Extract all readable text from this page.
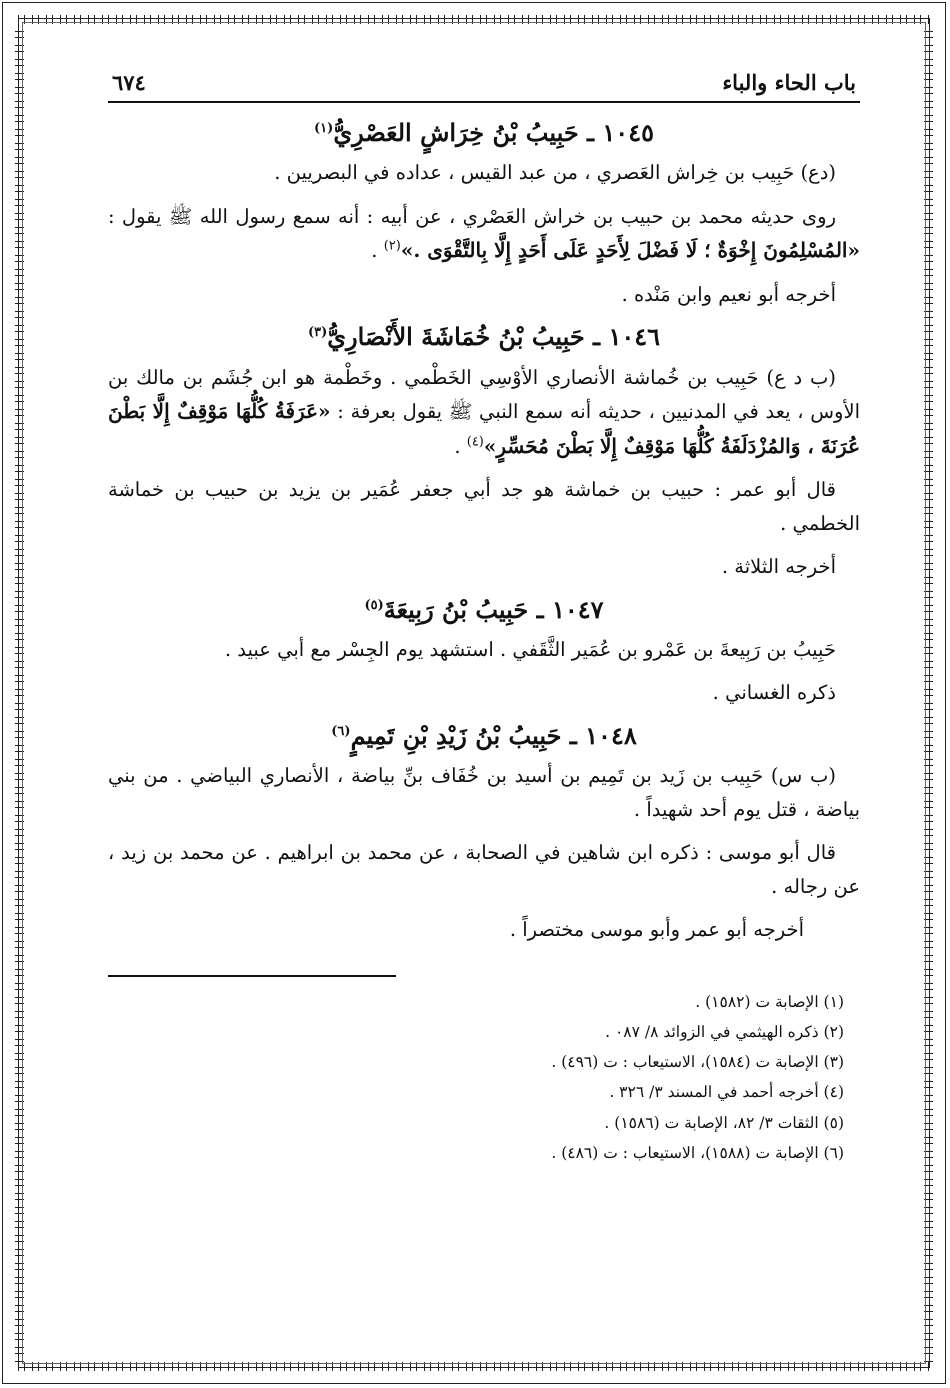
باب الحاء والباء
٦٧٤
١٠٤٥ ـ حَبِيبُ بْنُ خِرَاشٍ العَصْرِيُّ$^{(١)}$

(دع) حَبِيب بن خِراش العَصري ، من عبد القيس ، عداده في البصريين .

روى حديثه محمد بن حبيب بن خراش العَصْري ، عن أبيه : أنه سمع رسول الله ﷺ يقول : «المُسْلِمُونَ إِخْوَةٌ ؛ لَا فَضْلَ لِأَحَدٍ عَلَى أَحَدٍ إِلَّا بِالتَّقْوَى .»$^{(٢)}$ .

أخرجه أبو نعيم وابن مَنْده .

١٠٤٦ ـ حَبِيبُ بْنُ خُمَاشَةَ الأَنْصَارِيُّ$^{(٣)}$

(ب د ع) حَبِيب بن خُماشة الأنصاري الأوْسِي الخَطْمي . وخَطْمة هو ابن جُشَم بن مالك بن الأوس ، يعد في المدنيين ، حديثه أنه سمع النبي ﷺ يقول بعرفة : «عَرَفَةُ كُلُّهَا مَوْقِفٌ إِلَّا بَطْنَ عُرَنَةَ ، وَالمُزْدَلَفَةُ كُلُّهَا مَوْقِفٌ إِلَّا بَطْنَ مُحَسِّرٍ»$^{(٤)}$ .

قال أبو عمر : حبيب بن خماشة هو جد أبي جعفر عُمَير بن يزيد بن حبيب بن خماشة الخطمي .

أخرجه الثلاثة .

١٠٤٧ ـ حَبِيبُ بْنُ رَبِيعَةَ$^{(٥)}$

حَبِيبُ بن رَبِيعةَ بن عَمْرو بن عُمَير الثَّقَفي . استشهد يوم الجِسْر مع أبي عبيد .

ذكره الغساني .

١٠٤٨ ـ حَبِيبُ بْنُ زَيْدِ بْنِ تَمِيمٍ$^{(٦)}$

(ب س) حَبِيب بن زَيد بن تَمِيم بن أسيد بن خُفَاف بنِّ بياضة ، الأنصاري البياضي . من بني بياضة ، قتل يوم أحد شهيداً .

قال أبو موسى : ذكره ابن شاهين في الصحابة ، عن محمد بن ابراهيم . عن محمد بن زيد ، عن رجاله .

أخرجه أبو عمر وأبو موسى مختصراً .

(١) الإصابة ت (١٥٨٢) .

(٢) ذكره الهيثمي في الزوائد ٨/ ٠٨٧ .

(٣) الإصابة ت (١٥٨٤)، الاستيعاب : ت (٤٩٦) .

(٤) أخرجه أحمد في المسند ٣/ ٣٢٦ .

(٥) الثقات ٣/ ٨٢، الإصابة ت (١٥٨٦) .

(٦) الإصابة ت (١٥٨٨)، الاستيعاب : ت (٤٨٦) .
